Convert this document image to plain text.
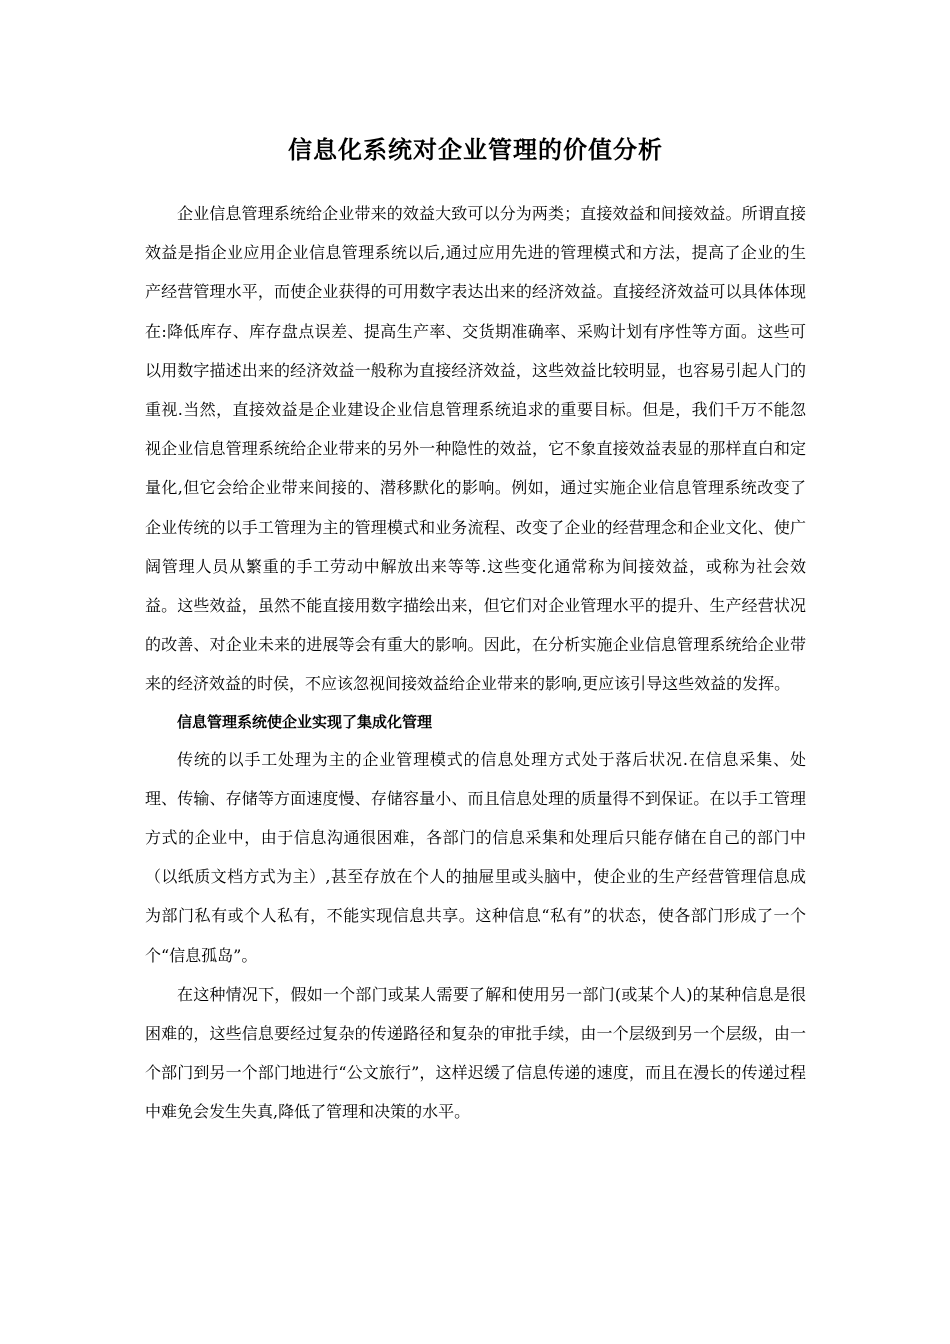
信息化系统对企业管理的价值分析

企业信息管理系统给企业带来的效益大致可以分为两类；直接效益和间接效益。所谓直接效益是指企业应用企业信息管理系统以后,通过应用先进的管理模式和方法，提高了企业的生产经营管理水平，而使企业获得的可用数字表达出来的经济效益。直接经济效益可以具体体现在:降低库存、库存盘点误差、提高生产率、交货期准确率、采购计划有序性等方面。这些可以用数字描述出来的经济效益一般称为直接经济效益，这些效益比较明显，也容易引起人门的重视.当然，直接效益是企业建设企业信息管理系统追求的重要目标。但是，我们千万不能忽视企业信息管理系统给企业带来的另外一种隐性的效益，它不象直接效益表显的那样直白和定量化,但它会给企业带来间接的、潜移默化的影响。例如，通过实施企业信息管理系统改变了企业传统的以手工管理为主的管理模式和业务流程、改变了企业的经营理念和企业文化、使广阔管理人员从繁重的手工劳动中解放出来等等.这些变化通常称为间接效益，或称为社会效益。这些效益，虽然不能直接用数字描绘出来，但它们对企业管理水平的提升、生产经营状况的改善、对企业未来的进展等会有重大的影响。因此，在分析实施企业信息管理系统给企业带来的经济效益的时侯，不应该忽视间接效益给企业带来的影响,更应该引导这些效益的发挥。

信息管理系统使企业实现了集成化管理

传统的以手工处理为主的企业管理模式的信息处理方式处于落后状况.在信息采集、处理、传输、存储等方面速度慢、存储容量小、而且信息处理的质量得不到保证。在以手工管理方式的企业中，由于信息沟通很困难，各部门的信息采集和处理后只能存储在自己的部门中（以纸质文档方式为主）,甚至存放在个人的抽屉里或头脑中，使企业的生产经营管理信息成为部门私有或个人私有，不能实现信息共享。这种信息“私有”的状态，使各部门形成了一个个“信息孤岛”。

在这种情况下，假如一个部门或某人需要了解和使用另一部门(或某个人)的某种信息是很困难的，这些信息要经过复杂的传递路径和复杂的审批手续，由一个层级到另一个层级，由一个部门到另一个部门地进行“公文旅行”，这样迟缓了信息传递的速度，而且在漫长的传递过程中难免会发生失真,降低了管理和决策的水平。
